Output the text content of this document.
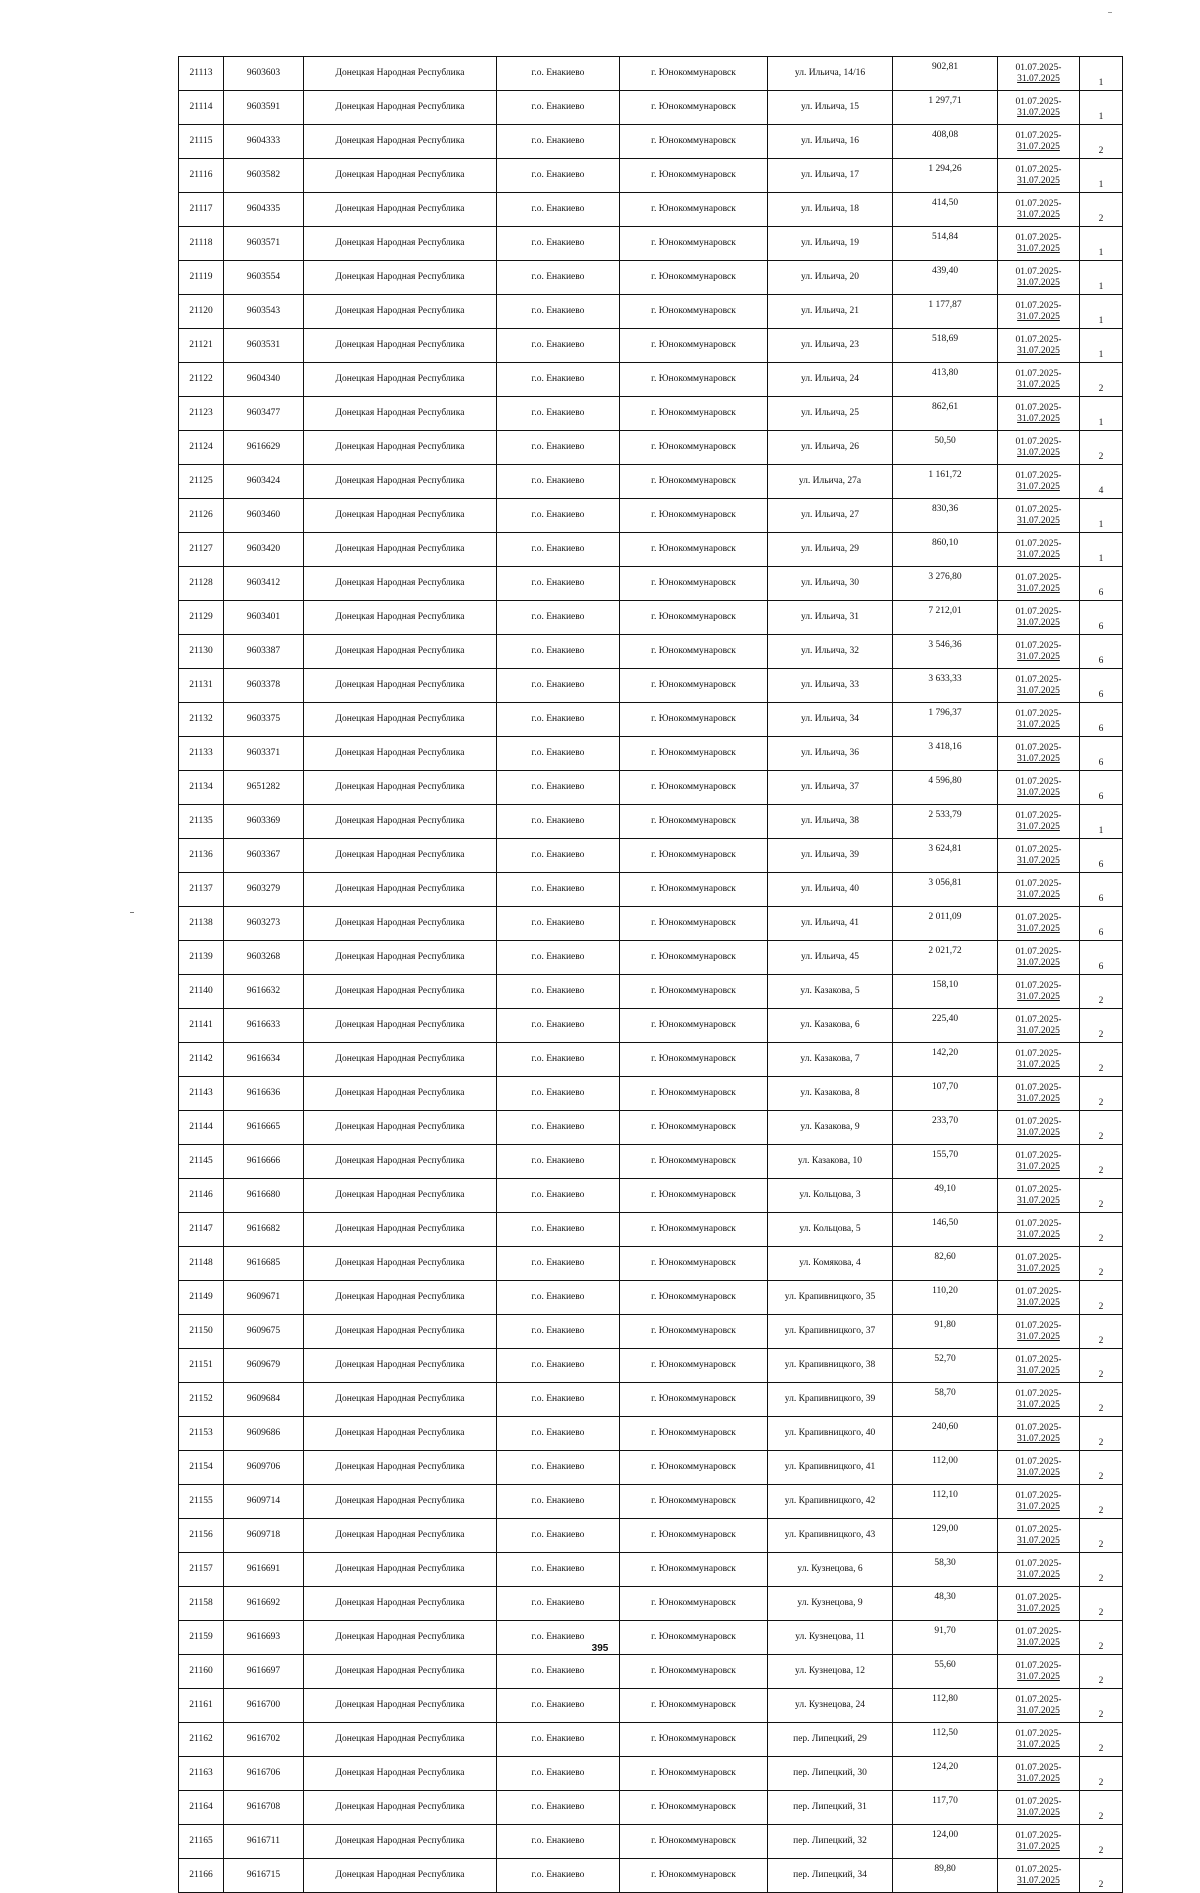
21113	9603603	Донецкая Народная Республика	г.о. Енакиево	г. Юнокоммунаровск	ул. Ильича, 14/16	902,81	01.07.2025-
31.07.2025	1
21114	9603591	Донецкая Народная Республика	г.о. Енакиево	г. Юнокоммунаровск	ул. Ильича, 15	1 297,71	01.07.2025-
31.07.2025	1
21115	9604333	Донецкая Народная Республика	г.о. Енакиево	г. Юнокоммунаровск	ул. Ильича, 16	408,08	01.07.2025-
31.07.2025	2
21116	9603582	Донецкая Народная Республика	г.о. Енакиево	г. Юнокоммунаровск	ул. Ильича, 17	1 294,26	01.07.2025-
31.07.2025	1
21117	9604335	Донецкая Народная Республика	г.о. Енакиево	г. Юнокоммунаровск	ул. Ильича, 18	414,50	01.07.2025-
31.07.2025	2
21118	9603571	Донецкая Народная Республика	г.о. Енакиево	г. Юнокоммунаровск	ул. Ильича, 19	514,84	01.07.2025-
31.07.2025	1
21119	9603554	Донецкая Народная Республика	г.о. Енакиево	г. Юнокоммунаровск	ул. Ильича, 20	439,40	01.07.2025-
31.07.2025	1
21120	9603543	Донецкая Народная Республика	г.о. Енакиево	г. Юнокоммунаровск	ул. Ильича, 21	1 177,87	01.07.2025-
31.07.2025	1
21121	9603531	Донецкая Народная Республика	г.о. Енакиево	г. Юнокоммунаровск	ул. Ильича, 23	518,69	01.07.2025-
31.07.2025	1
21122	9604340	Донецкая Народная Республика	г.о. Енакиево	г. Юнокоммунаровск	ул. Ильича, 24	413,80	01.07.2025-
31.07.2025	2
21123	9603477	Донецкая Народная Республика	г.о. Енакиево	г. Юнокоммунаровск	ул. Ильича, 25	862,61	01.07.2025-
31.07.2025	1
21124	9616629	Донецкая Народная Республика	г.о. Енакиево	г. Юнокоммунаровск	ул. Ильича, 26	50,50	01.07.2025-
31.07.2025	2
21125	9603424	Донецкая Народная Республика	г.о. Енакиево	г. Юнокоммунаровск	ул. Ильича, 27а	1 161,72	01.07.2025-
31.07.2025	4
21126	9603460	Донецкая Народная Республика	г.о. Енакиево	г. Юнокоммунаровск	ул. Ильича, 27	830,36	01.07.2025-
31.07.2025	1
21127	9603420	Донецкая Народная Республика	г.о. Енакиево	г. Юнокоммунаровск	ул. Ильича, 29	860,10	01.07.2025-
31.07.2025	1
21128	9603412	Донецкая Народная Республика	г.о. Енакиево	г. Юнокоммунаровск	ул. Ильича, 30	3 276,80	01.07.2025-
31.07.2025	6
21129	9603401	Донецкая Народная Республика	г.о. Енакиево	г. Юнокоммунаровск	ул. Ильича, 31	7 212,01	01.07.2025-
31.07.2025	6
21130	9603387	Донецкая Народная Республика	г.о. Енакиево	г. Юнокоммунаровск	ул. Ильича, 32	3 546,36	01.07.2025-
31.07.2025	6
21131	9603378	Донецкая Народная Республика	г.о. Енакиево	г. Юнокоммунаровск	ул. Ильича, 33	3 633,33	01.07.2025-
31.07.2025	6
21132	9603375	Донецкая Народная Республика	г.о. Енакиево	г. Юнокоммунаровск	ул. Ильича, 34	1 796,37	01.07.2025-
31.07.2025	6
21133	9603371	Донецкая Народная Республика	г.о. Енакиево	г. Юнокоммунаровск	ул. Ильича, 36	3 418,16	01.07.2025-
31.07.2025	6
21134	9651282	Донецкая Народная Республика	г.о. Енакиево	г. Юнокоммунаровск	ул. Ильича, 37	4 596,80	01.07.2025-
31.07.2025	6
21135	9603369	Донецкая Народная Республика	г.о. Енакиево	г. Юнокоммунаровск	ул. Ильича, 38	2 533,79	01.07.2025-
31.07.2025	1
21136	9603367	Донецкая Народная Республика	г.о. Енакиево	г. Юнокоммунаровск	ул. Ильича, 39	3 624,81	01.07.2025-
31.07.2025	6
21137	9603279	Донецкая Народная Республика	г.о. Енакиево	г. Юнокоммунаровск	ул. Ильича, 40	3 056,81	01.07.2025-
31.07.2025	6
21138	9603273	Донецкая Народная Республика	г.о. Енакиево	г. Юнокоммунаровск	ул. Ильича, 41	2 011,09	01.07.2025-
31.07.2025	6
21139	9603268	Донецкая Народная Республика	г.о. Енакиево	г. Юнокоммунаровск	ул. Ильича, 45	2 021,72	01.07.2025-
31.07.2025	6
21140	9616632	Донецкая Народная Республика	г.о. Енакиево	г. Юнокоммунаровск	ул. Казакова, 5	158,10	01.07.2025-
31.07.2025	2
21141	9616633	Донецкая Народная Республика	г.о. Енакиево	г. Юнокоммунаровск	ул. Казакова, 6	225,40	01.07.2025-
31.07.2025	2
21142	9616634	Донецкая Народная Республика	г.о. Енакиево	г. Юнокоммунаровск	ул. Казакова, 7	142,20	01.07.2025-
31.07.2025	2
21143	9616636	Донецкая Народная Республика	г.о. Енакиево	г. Юнокоммунаровск	ул. Казакова, 8	107,70	01.07.2025-
31.07.2025	2
21144	9616665	Донецкая Народная Республика	г.о. Енакиево	г. Юнокоммунаровск	ул. Казакова, 9	233,70	01.07.2025-
31.07.2025	2
21145	9616666	Донецкая Народная Республика	г.о. Енакиево	г. Юнокоммунаровск	ул. Казакова, 10	155,70	01.07.2025-
31.07.2025	2
21146	9616680	Донецкая Народная Республика	г.о. Енакиево	г. Юнокоммунаровск	ул. Кольцова, 3	49,10	01.07.2025-
31.07.2025	2
21147	9616682	Донецкая Народная Республика	г.о. Енакиево	г. Юнокоммунаровск	ул. Кольцова, 5	146,50	01.07.2025-
31.07.2025	2
21148	9616685	Донецкая Народная Республика	г.о. Енакиево	г. Юнокоммунаровск	ул. Комякова, 4	82,60	01.07.2025-
31.07.2025	2
21149	9609671	Донецкая Народная Республика	г.о. Енакиево	г. Юнокоммунаровск	ул. Крапивницкого, 35	110,20	01.07.2025-
31.07.2025	2
21150	9609675	Донецкая Народная Республика	г.о. Енакиево	г. Юнокоммунаровск	ул. Крапивницкого, 37	91,80	01.07.2025-
31.07.2025	2
21151	9609679	Донецкая Народная Республика	г.о. Енакиево	г. Юнокоммунаровск	ул. Крапивницкого, 38	52,70	01.07.2025-
31.07.2025	2
21152	9609684	Донецкая Народная Республика	г.о. Енакиево	г. Юнокоммунаровск	ул. Крапивницкого, 39	58,70	01.07.2025-
31.07.2025	2
21153	9609686	Донецкая Народная Республика	г.о. Енакиево	г. Юнокоммунаровск	ул. Крапивницкого, 40	240,60	01.07.2025-
31.07.2025	2
21154	9609706	Донецкая Народная Республика	г.о. Енакиево	г. Юнокоммунаровск	ул. Крапивницкого, 41	112,00	01.07.2025-
31.07.2025	2
21155	9609714	Донецкая Народная Республика	г.о. Енакиево	г. Юнокоммунаровск	ул. Крапивницкого, 42	112,10	01.07.2025-
31.07.2025	2
21156	9609718	Донецкая Народная Республика	г.о. Енакиево	г. Юнокоммунаровск	ул. Крапивницкого, 43	129,00	01.07.2025-
31.07.2025	2
21157	9616691	Донецкая Народная Республика	г.о. Енакиево	г. Юнокоммунаровск	ул. Кузнецова, 6	58,30	01.07.2025-
31.07.2025	2
21158	9616692	Донецкая Народная Республика	г.о. Енакиево	г. Юнокоммунаровск	ул. Кузнецова, 9	48,30	01.07.2025-
31.07.2025	2
21159	9616693	Донецкая Народная Республика	г.о. Енакиево	г. Юнокоммунаровск	ул. Кузнецова, 11	91,70	01.07.2025-
31.07.2025	2
21160	9616697	Донецкая Народная Республика	г.о. Енакиево	г. Юнокоммунаровск	ул. Кузнецова, 12	55,60	01.07.2025-
31.07.2025	2
21161	9616700	Донецкая Народная Республика	г.о. Енакиево	г. Юнокоммунаровск	ул. Кузнецова, 24	112,80	01.07.2025-
31.07.2025	2
21162	9616702	Донецкая Народная Республика	г.о. Енакиево	г. Юнокоммунаровск	пер. Липецкий, 29	112,50	01.07.2025-
31.07.2025	2
21163	9616706	Донецкая Народная Республика	г.о. Енакиево	г. Юнокоммунаровск	пер. Липецкий, 30	124,20	01.07.2025-
31.07.2025	2
21164	9616708	Донецкая Народная Республика	г.о. Енакиево	г. Юнокоммунаровск	пер. Липецкий, 31	117,70	01.07.2025-
31.07.2025	2
21165	9616711	Донецкая Народная Республика	г.о. Енакиево	г. Юнокоммунаровск	пер. Липецкий, 32	124,00	01.07.2025-
31.07.2025	2
21166	9616715	Донецкая Народная Республика	г.о. Енакиево	г. Юнокоммунаровск	пер. Липецкий, 34	89,80	01.07.2025-
31.07.2025	2
395
